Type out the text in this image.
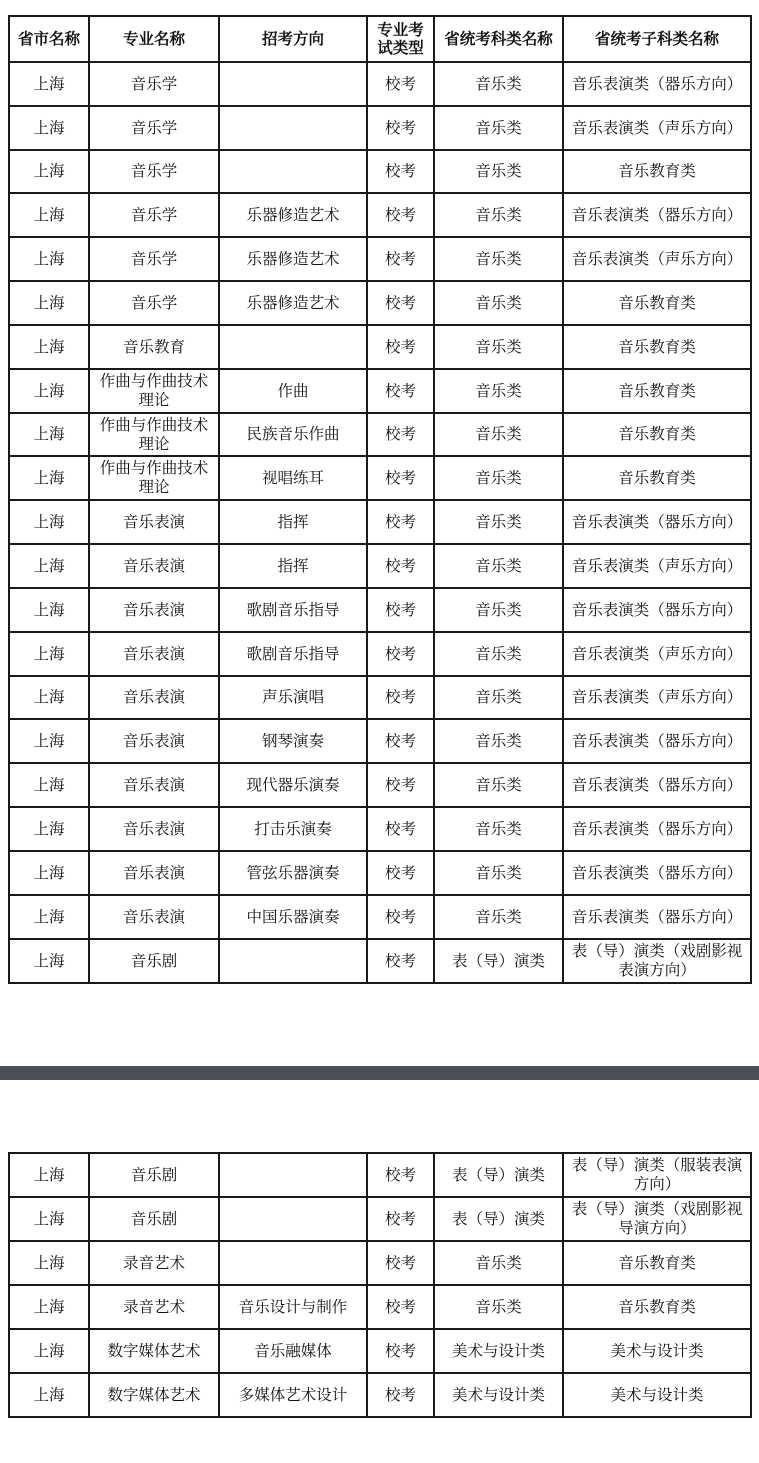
省市名称	专业名称	招考方向	专业考试类型	省统考科类名称	省统考子科类名称
上海	音乐学		校考	音乐类	音乐表演类（器乐方向）
上海	音乐学		校考	音乐类	音乐表演类（声乐方向）
上海	音乐学		校考	音乐类	音乐教育类
上海	音乐学	乐器修造艺术	校考	音乐类	音乐表演类（器乐方向）
上海	音乐学	乐器修造艺术	校考	音乐类	音乐表演类（声乐方向）
上海	音乐学	乐器修造艺术	校考	音乐类	音乐教育类
上海	音乐教育		校考	音乐类	音乐教育类
上海	作曲与作曲技术理论	作曲	校考	音乐类	音乐教育类
上海	作曲与作曲技术理论	民族音乐作曲	校考	音乐类	音乐教育类
上海	作曲与作曲技术理论	视唱练耳	校考	音乐类	音乐教育类
上海	音乐表演	指挥	校考	音乐类	音乐表演类（器乐方向）
上海	音乐表演	指挥	校考	音乐类	音乐表演类（声乐方向）
上海	音乐表演	歌剧音乐指导	校考	音乐类	音乐表演类（器乐方向）
上海	音乐表演	歌剧音乐指导	校考	音乐类	音乐表演类（声乐方向）
上海	音乐表演	声乐演唱	校考	音乐类	音乐表演类（声乐方向）
上海	音乐表演	钢琴演奏	校考	音乐类	音乐表演类（器乐方向）
上海	音乐表演	现代器乐演奏	校考	音乐类	音乐表演类（器乐方向）
上海	音乐表演	打击乐演奏	校考	音乐类	音乐表演类（器乐方向）
上海	音乐表演	管弦乐器演奏	校考	音乐类	音乐表演类（器乐方向）
上海	音乐表演	中国乐器演奏	校考	音乐类	音乐表演类（器乐方向）
上海	音乐剧		校考	表（导）演类	表（导）演类（戏剧影视表演方向）
上海	音乐剧		校考	表（导）演类	表（导）演类（服装表演方向）
上海	音乐剧		校考	表（导）演类	表（导）演类（戏剧影视导演方向）
上海	录音艺术		校考	音乐类	音乐教育类
上海	录音艺术	音乐设计与制作	校考	音乐类	音乐教育类
上海	数字媒体艺术	音乐融媒体	校考	美术与设计类	美术与设计类
上海	数字媒体艺术	多媒体艺术设计	校考	美术与设计类	美术与设计类
